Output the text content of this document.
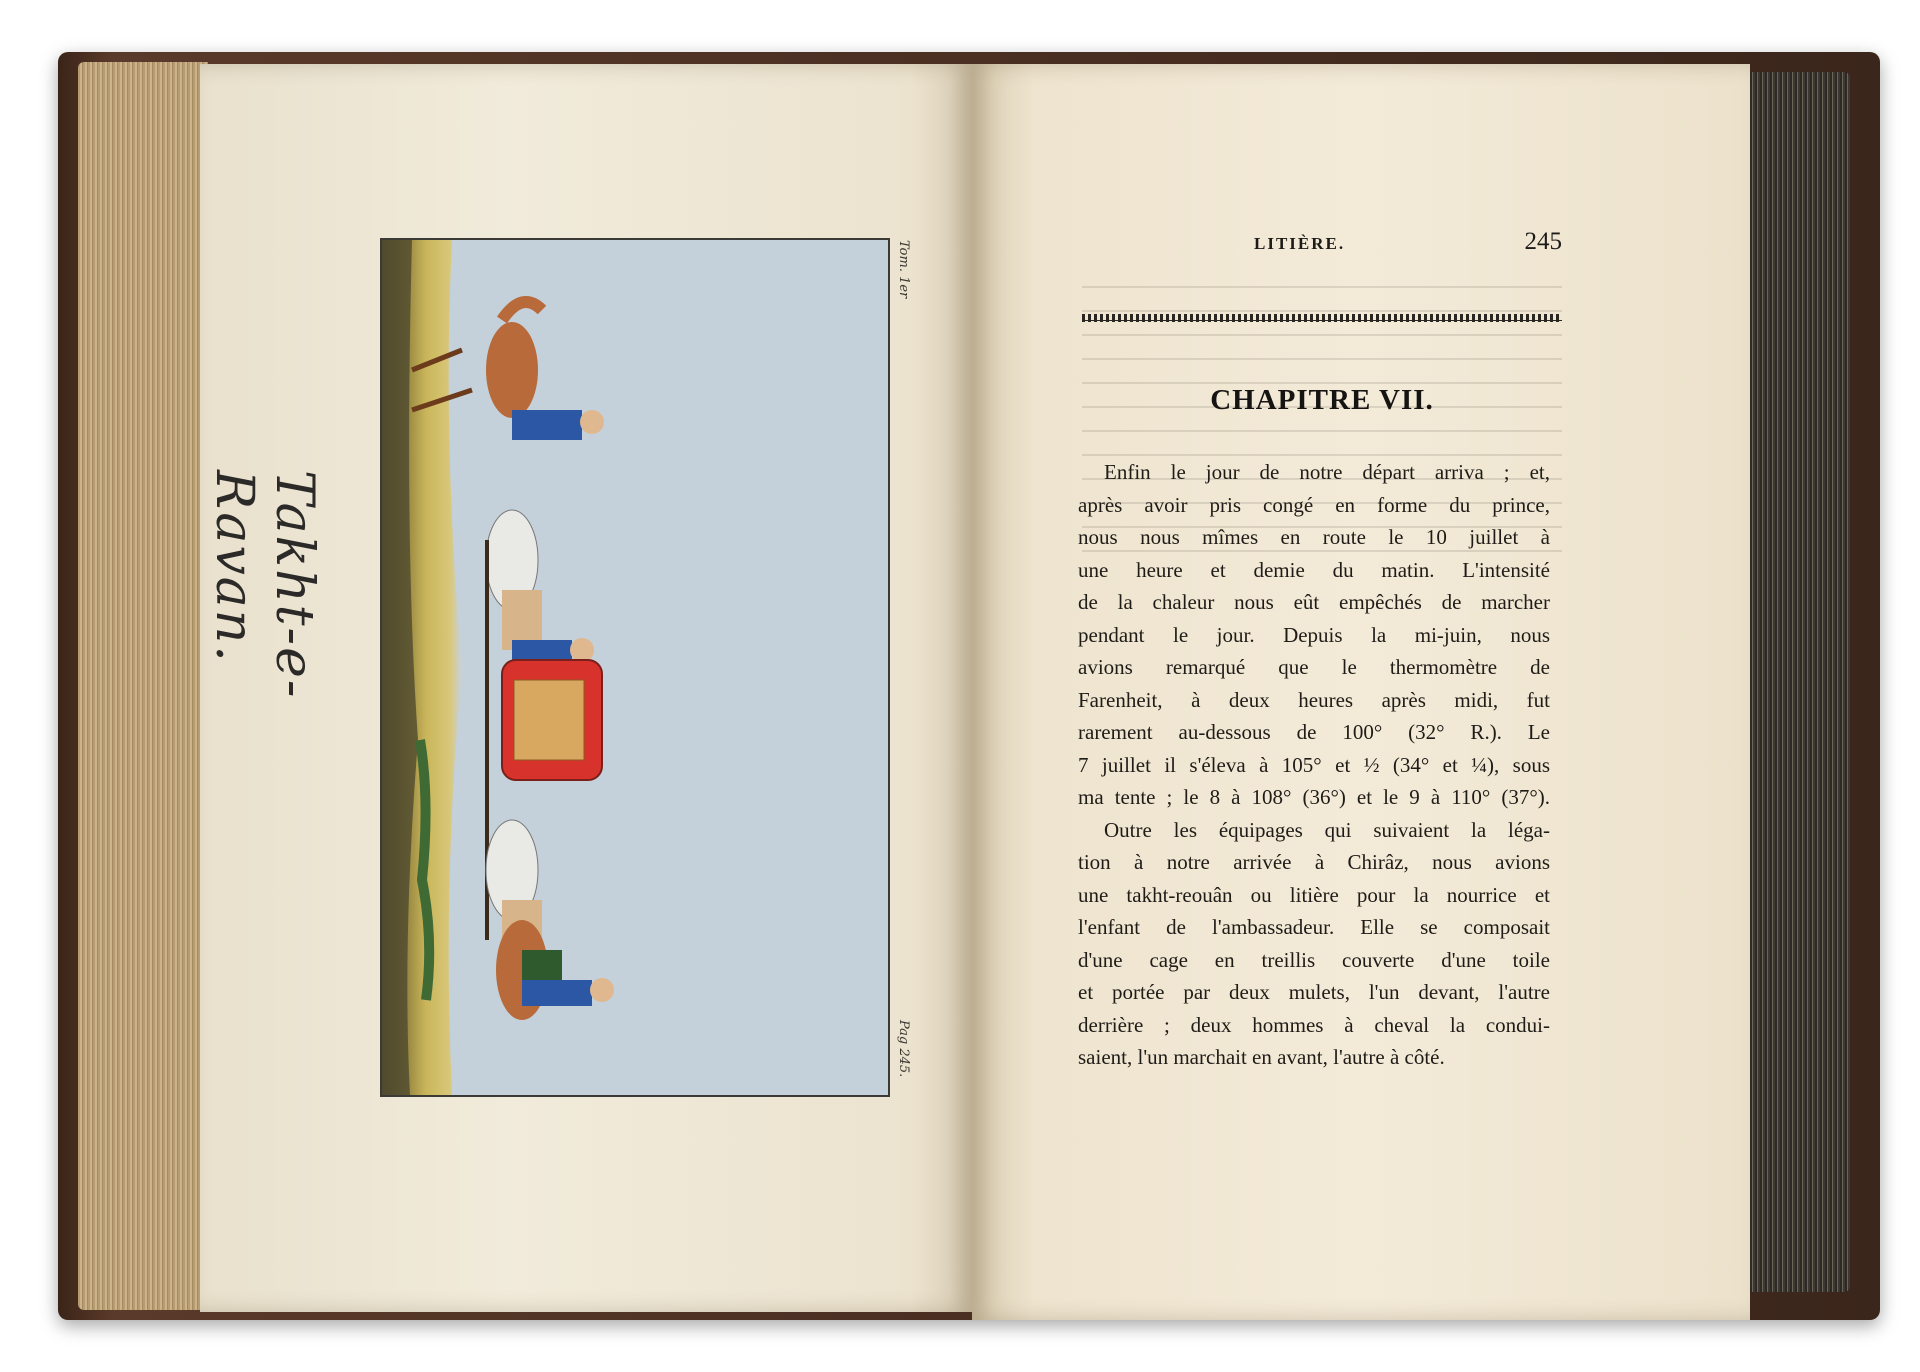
Takht-e-Ravan.
Tom. 1er
Pag 245.
LITIÈRE.	245
CHAPITRE VII.
Enfin le jour de notre départ arriva ; et,
après avoir pris congé en forme du prince,
nous nous mîmes en route le 10 juillet à
une heure et demie du matin. L'intensité
de la chaleur nous eût empêchés de marcher
pendant le jour. Depuis la mi-juin, nous
avions remarqué que le thermomètre de
Farenheit, à deux heures après midi, fut
rarement au-dessous de 100° (32° R.). Le
7 juillet il s'éleva à 105° et ½ (34° et ¼), sous
ma tente ; le 8 à 108° (36°) et le 9 à 110° (37°).
Outre les équipages qui suivaient la léga-
tion à notre arrivée à Chirâz, nous avions
une takht-reouân ou litière pour la nourrice et
l'enfant de l'ambassadeur. Elle se composait
d'une cage en treillis couverte d'une toile
et portée par deux mulets, l'un devant, l'autre
derrière ; deux hommes à cheval la condui-
saient, l'un marchait en avant, l'autre à côté.
